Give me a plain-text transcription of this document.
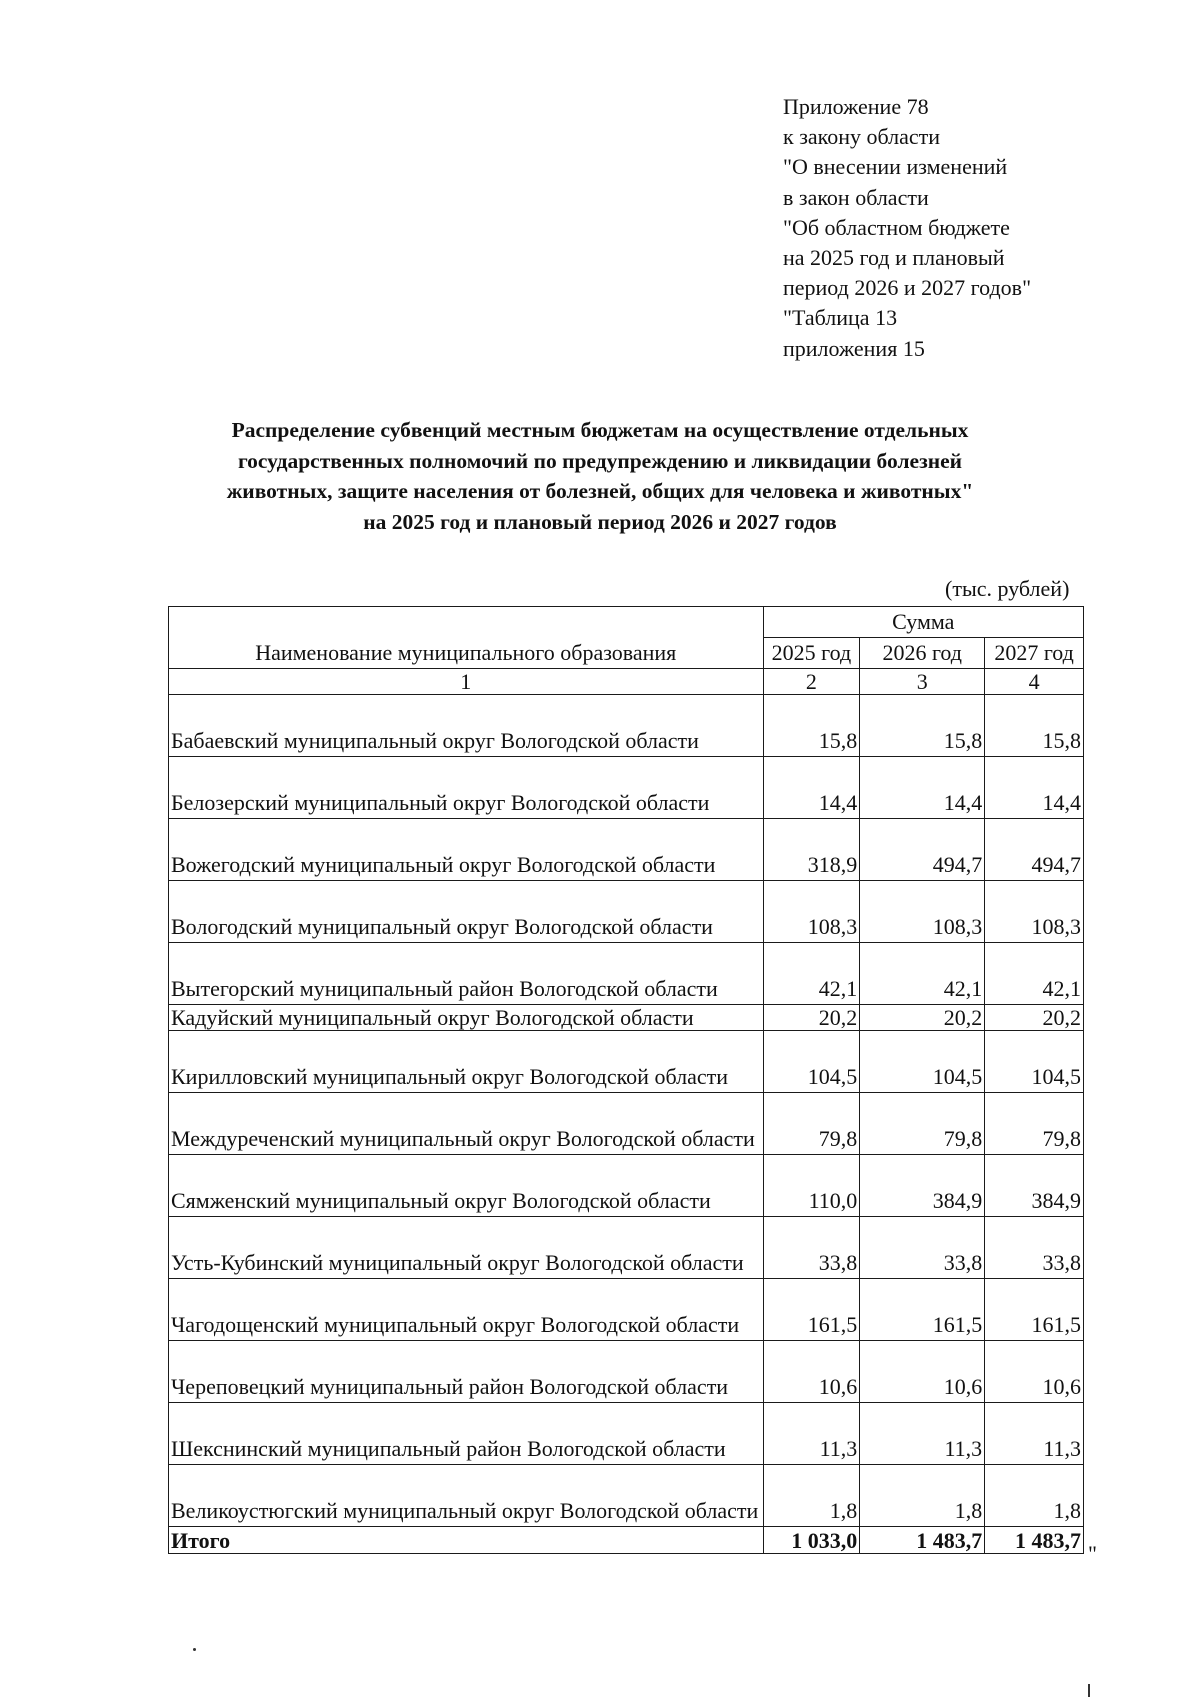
Приложение 78
к закону области
"О внесении изменений
в закон области
"Об областном бюджете
на 2025 год и плановый
период 2026 и 2027 годов"
"Таблица 13
приложения 15
Распределение субвенций местным бюджетам на осуществление отдельных
государственных полномочий по предупреждению и ликвидации болезней
животных, защите населения от болезней, общих для человека и животных"
на 2025 год и плановый период 2026 и 2027 годов
(тыс. рублей)
Наименование муниципального образования	Сумма		
	2025 год	2026 год	2027 год
1	2	3	4
Бабаевский муниципальный округ Вологодской области	15,8	15,8	15,8
Белозерский муниципальный округ Вологодской области	14,4	14,4	14,4
Вожегодский муниципальный округ Вологодской области	318,9	494,7	494,7
Вологодский муниципальный округ Вологодской области	108,3	108,3	108,3
Вытегорский муниципальный район Вологодской области	42,1	42,1	42,1
Кадуйский муниципальный округ Вологодской области	20,2	20,2	20,2
Кирилловский муниципальный округ Вологодской области	104,5	104,5	104,5
Междуреченский муниципальный округ Вологодской области	79,8	79,8	79,8
Сямженский муниципальный округ Вологодской области	110,0	384,9	384,9
Усть-Кубинский муниципальный округ Вологодской области	33,8	33,8	33,8
Чагодощенский муниципальный округ Вологодской области	161,5	161,5	161,5
Череповецкий муниципальный район Вологодской области	10,6	10,6	10,6
Шекснинский муниципальный район Вологодской области	11,3	11,3	11,3
Великоустюгский муниципальный округ Вологодской области	1,8	1,8	1,8
Итого	1 033,0	1 483,7	1 483,7
"
